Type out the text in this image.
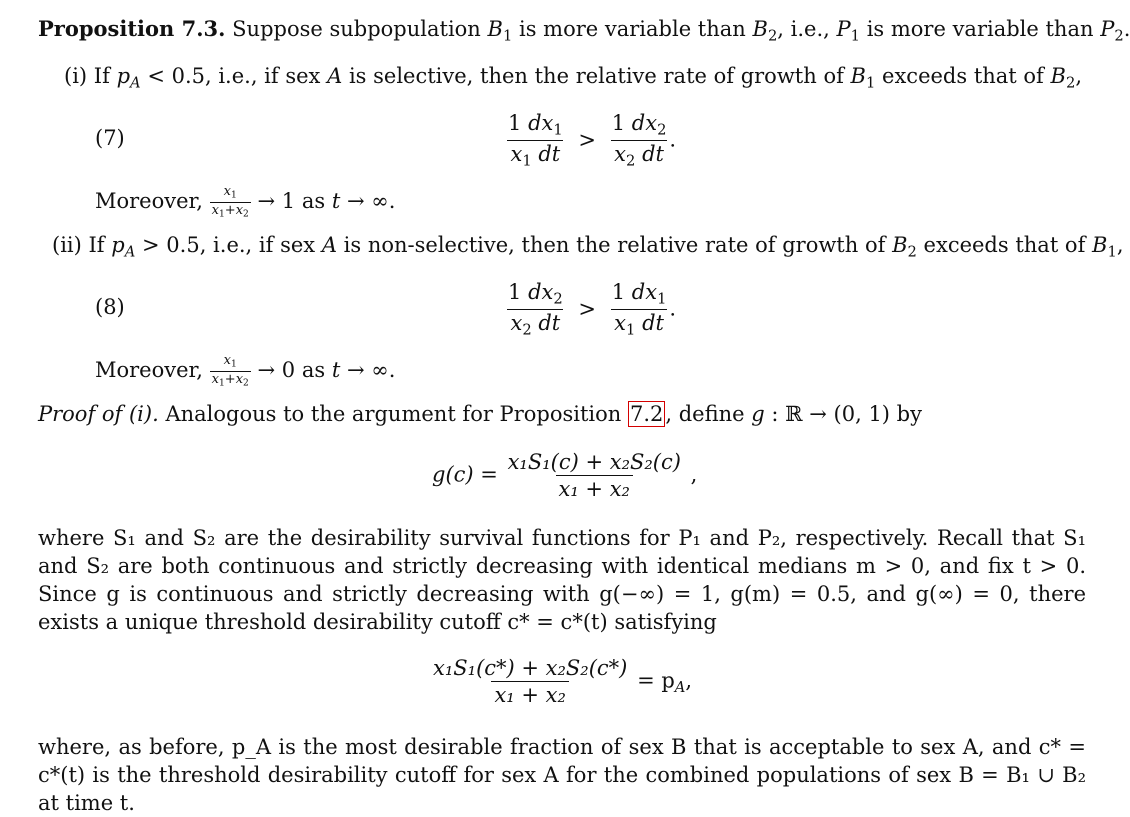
Proposition 7.3. Suppose subpopulation $B_1$ is more variable than $B_2$, i.e., $P_1$ is more variable than $P_2$.
(i) If $p_A < 0.5$, i.e., if sex A is selective, then the relative rate of growth of $B_1$ exceeds that of $B_2$,
(7)	$\frac{1 dx_1}{x_1 dt} > \frac{1 dx_2}{x_2 dt}$ .
Moreover, $\frac{x_1}{x_1+x_2} \to 1$ as t → ∞.
(ii) If $p_A > 0.5$, i.e., if sex A is non-selective, then the relative rate of growth of $B_2$ exceeds that of $B_1$,
(8)	$\frac{1 dx_2}{x_2 dt} > \frac{1 dx_1}{x_1 dt}$ .
Moreover, $\frac{x_1}{x_1+x_2} \to 0$ as t → ∞.
Proof of (i). Analogous to the argument for Proposition 7.2, define g : ℝ → (0, 1) by
$g(c) = \frac{\text{x₁S₁(c) + x₂S₂(c)}}{\text{x₁ + x₂}}$ ,

where S₁ and S₂ are the desirability survival functions for P₁ and P₂, respectively. Recall that S₁ and S₂ are both continuous and strictly decreasing with identical medians m > 0, and fix t > 0. Since g is continuous and strictly decreasing with g(−∞) = 1, g(m) = 0.5, and g(∞) = 0, there exists a unique threshold desirability cutoff c* = c*(t) satisfying

$\frac{\text{x₁S₁(c*) + x₂S₂(c*)}}{\text{x₁ + x₂}} = p_A$,

where, as before, p_A is the most desirable fraction of sex B that is acceptable to sex A, and c* = c*(t) is the threshold desirability cutoff for sex A for the combined populations of sex B = B₁ ∪ B₂ at time t.
